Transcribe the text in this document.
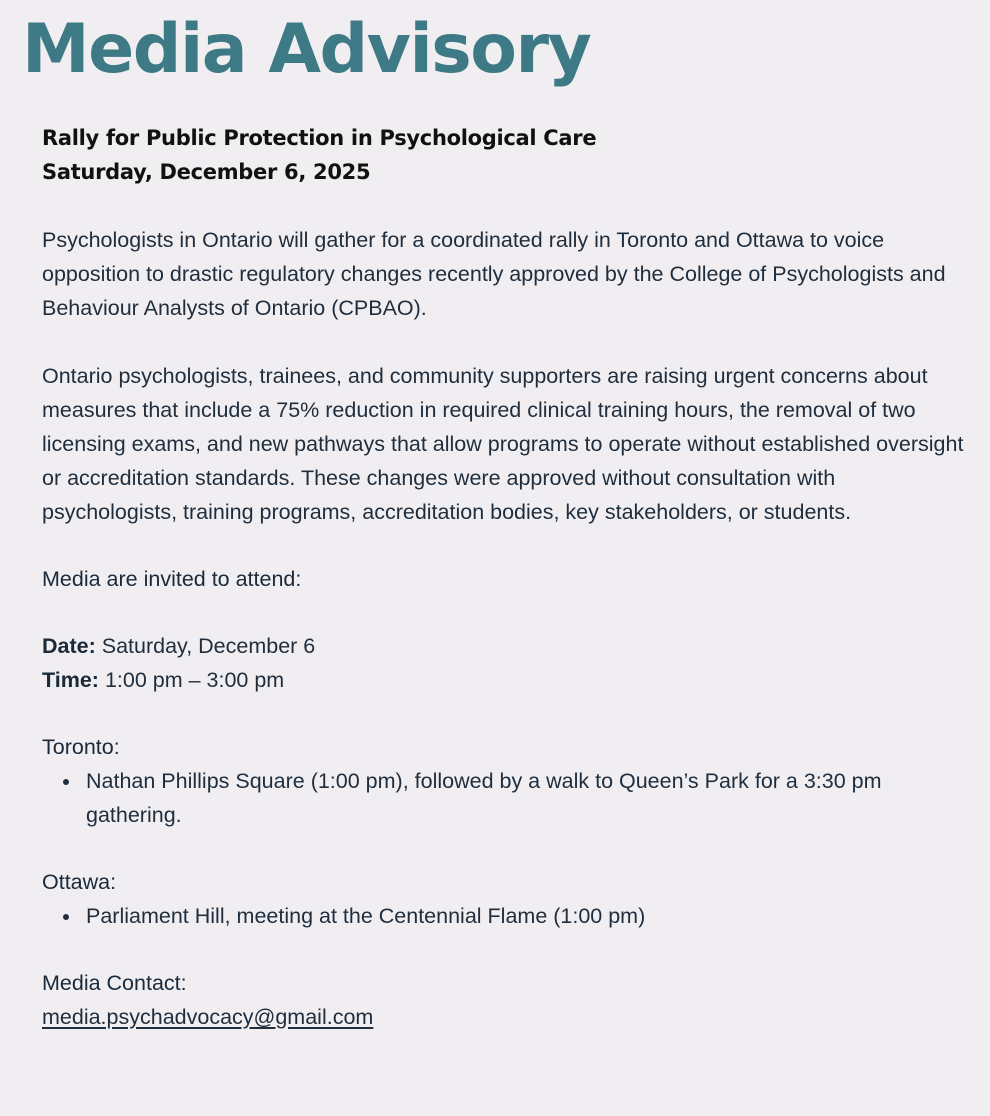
Media Advisory

Rally for Public Protection in Psychological Care

Saturday, December 6, 2025

Psychologists in Ontario will gather for a coordinated rally in Toronto and Ottawa to voice opposition to drastic regulatory changes recently approved by the College of Psychologists and Behaviour Analysts of Ontario (CPBAO).

Ontario psychologists, trainees, and community supporters are raising urgent concerns about measures that include a 75% reduction in required clinical training hours, the removal of two licensing exams, and new pathways that allow programs to operate without established oversight or accreditation standards. These changes were approved without consultation with psychologists, training programs, accreditation bodies, key stakeholders, or students.

Media are invited to attend:

Date: Saturday, December 6

Time: 1:00 pm – 3:00 pm

Toronto:

Nathan Phillips Square (1:00 pm), followed by a walk to Queen’s Park for a 3:30 pm gathering.

Ottawa:

Parliament Hill, meeting at the Centennial Flame (1:00 pm)

Media Contact:

media.psychadvocacy@gmail.com
